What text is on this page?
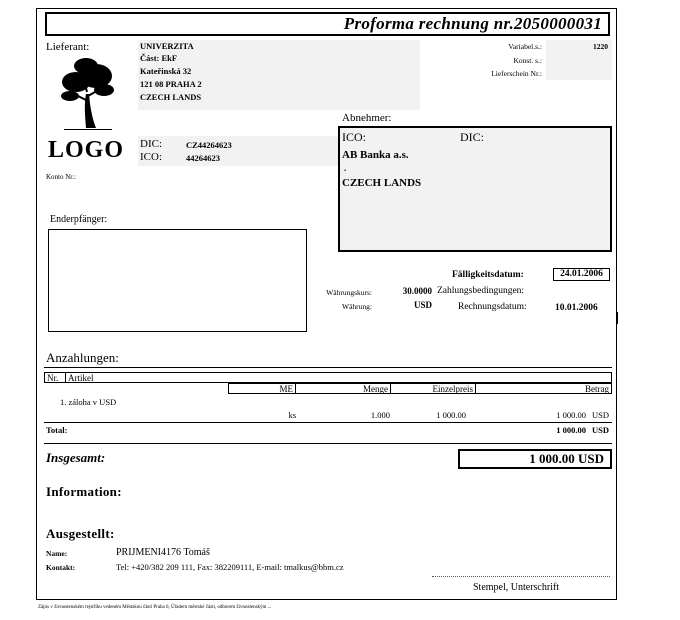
Proforma rechnung nr.2050000031
Lieferant:	UNIVERZITA
Část: EkF
Kateřinská 32
121 08 PRAHA 2
CZECH LANDS
LOGO DIC:	CZ44264623
ICO:	44264623
Konto Nr.:
Variabel.s.:	1220
Konst. s.:
Lieferschein Nr.:
Abnehmer:
ICO:	DIC:
AB Banka a.s.
.
CZECH LANDS
Enderpfänger:
Fälligkeitsdatum:	24.01.2006
Währungskurs:	30.0000 Zahlungsbedingungen:
Währung:	USD	Rechnungsdatum:	10.01.2006
Anzahlungen:
Nr.	Artikel
ME	Menge	Einzelpreis	Betrag
1. záloha v USD
ks	1.000	1 000.00	1 000.00 USD
Total:	1 000.00 USD
Insgesamt:	1 000.00 USD
Information:
Ausgestellt:
Name:	PRIJMENI4176 Tomáš
Kontakt:	Tel: +420/382 209 111, Fax: 382209111, E-mail: tmalkus@bbm.cz
Stempel, Unterschrift
Zápis v živnostenském rejstříku vedeném Městskou částí Praha 6, Úřadem městské části, odborem živnostenským ...
